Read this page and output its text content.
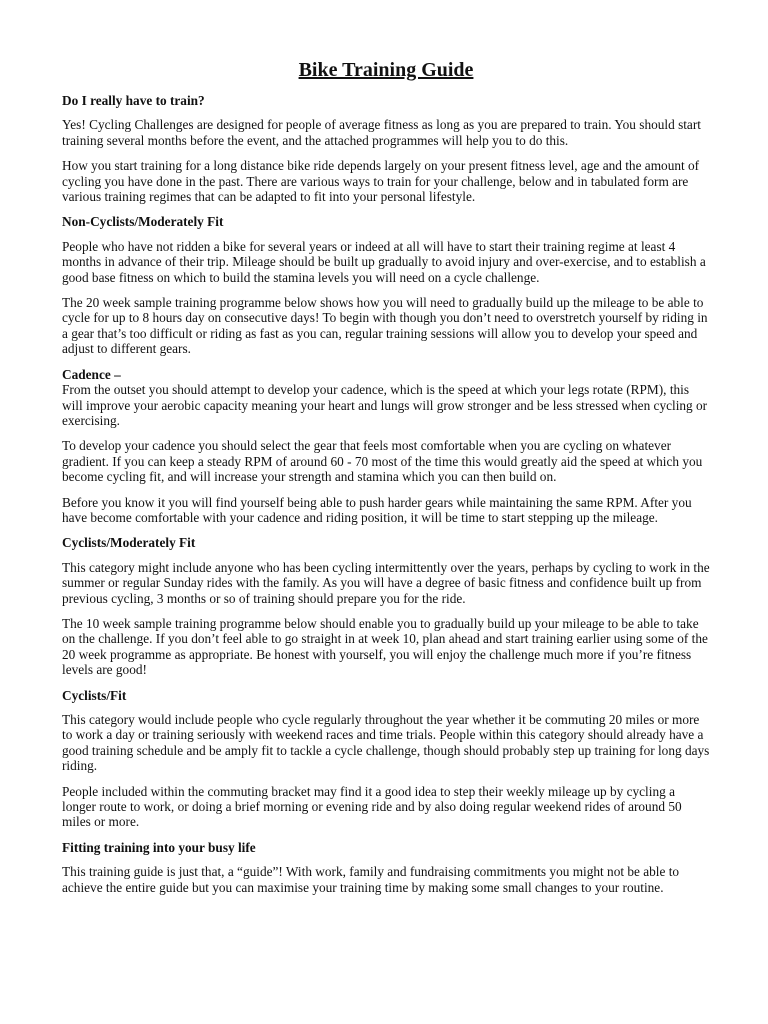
Bike Training Guide
Do I really have to train?

Yes! Cycling Challenges are designed for people of average fitness as long as you are prepared to train. You should start training several months before the event, and the attached programmes will help you to do this.

How you start training for a long distance bike ride depends largely on your present fitness level, age and the amount of cycling you have done in the past. There are various ways to train for your challenge, below and in tabulated form are various training regimes that can be adapted to fit into your personal lifestyle.

Non-Cyclists/Moderately Fit

People who have not ridden a bike for several years or indeed at all will have to start their training regime at least 4 months in advance of their trip. Mileage should be built up gradually to avoid injury and over-exercise, and to establish a good base fitness on which to build the stamina levels you will need on a cycle challenge.

The 20 week sample training programme below shows how you will need to gradually build up the mileage to be able to cycle for up to 8 hours day on consecutive days! To begin with though you don’t need to overstretch yourself by riding in a gear that’s too difficult or riding as fast as you can, regular training sessions will allow you to develop your speed and adjust to different gears.

Cadence –
From the outset you should attempt to develop your cadence, which is the speed at which your legs rotate (RPM), this will improve your aerobic capacity meaning your heart and lungs will grow stronger and be less stressed when cycling or exercising.

To develop your cadence you should select the gear that feels most comfortable when you are cycling on whatever gradient. If you can keep a steady RPM of around 60 - 70 most of the time this would greatly aid the speed at which you become cycling fit, and will increase your strength and stamina which you can then build on.

Before you know it you will find yourself being able to push harder gears while maintaining the same RPM. After you have become comfortable with your cadence and riding position, it will be time to start stepping up the mileage.

Cyclists/Moderately Fit

This category might include anyone who has been cycling intermittently over the years, perhaps by cycling to work in the summer or regular Sunday rides with the family. As you will have a degree of basic fitness and confidence built up from previous cycling, 3 months or so of training should prepare you for the ride.

The 10 week sample training programme below should enable you to gradually build up your mileage to be able to take on the challenge. If you don’t feel able to go straight in at week 10, plan ahead and start training earlier using some of the 20 week programme as appropriate. Be honest with yourself, you will enjoy the challenge much more if you’re fitness levels are good!

Cyclists/Fit

This category would include people who cycle regularly throughout the year whether it be commuting 20 miles or more to work a day or training seriously with weekend races and time trials. People within this category should already have a good training schedule and be amply fit to tackle a cycle challenge, though should probably step up training for long days riding.

People included within the commuting bracket may find it a good idea to step their weekly mileage up by cycling a longer route to work, or doing a brief morning or evening ride and by also doing regular weekend rides of around 50 miles or more.

Fitting training into your busy life

This training guide is just that, a “guide”! With work, family and fundraising commitments you might not be able to achieve the entire guide but you can maximise your training time by making some small changes to your routine.
